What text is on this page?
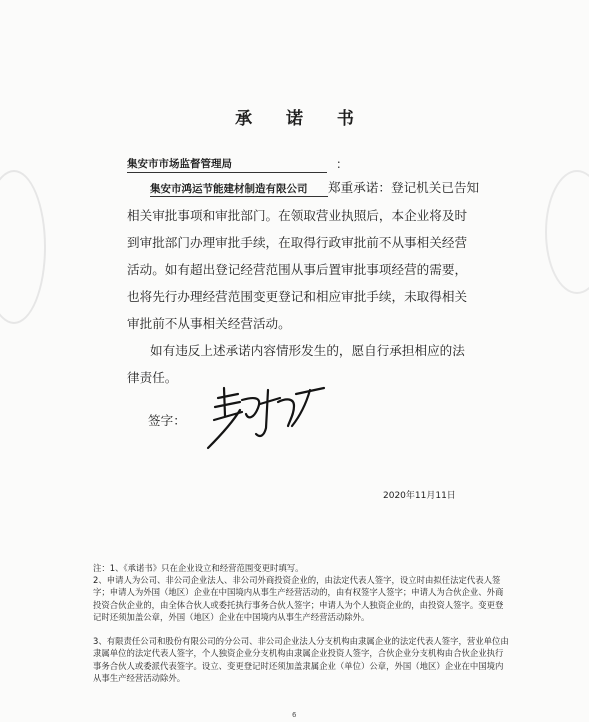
承 诺 书
集安市市场监督管理局	：
集安市鸿运节能建材制造有限公司 郑重承诺：登记机关已告知
相关审批事项和审批部门。在领取营业执照后，本企业将及时
到审批部门办理审批手续，在取得行政审批前不从事相关经营
活动。如有超出登记经营范围从事后置审批事项经营的需要，
也将先行办理经营范围变更登记和相应审批手续，未取得相关
审批前不从事相关经营活动。
如有违反上述承诺内容情形发生的，愿自行承担相应的法
律责任。
签字：
2020年11月11日
注：1、《承诺书》只在企业设立和经营范围变更时填写。
2、申请人为公司、非公司企业法人、非公司外商投资企业的，由法定代表人签字，设立时由拟任法定代表人签字；申请人为外国（地区）企业在中国境内从事生产经营活动的，由有权签字人签字；申请人为合伙企业、外商投资合伙企业的，由全体合伙人或委托执行事务合伙人签字；申请人为个人独资企业的，由投资人签字。变更登记时还须加盖公章，外国（地区）企业在中国境内从事生产经营活动除外。
3、有限责任公司和股份有限公司的分公司、非公司企业法人分支机构由隶属企业的法定代表人签字，营业单位由隶属单位的法定代表人签字，个人独资企业分支机构由隶属企业投资人签字，合伙企业分支机构由合伙企业执行事务合伙人或委派代表签字。设立、变更登记时还须加盖隶属企业（单位）公章，外国（地区）企业在中国境内从事生产经营活动除外。
6
